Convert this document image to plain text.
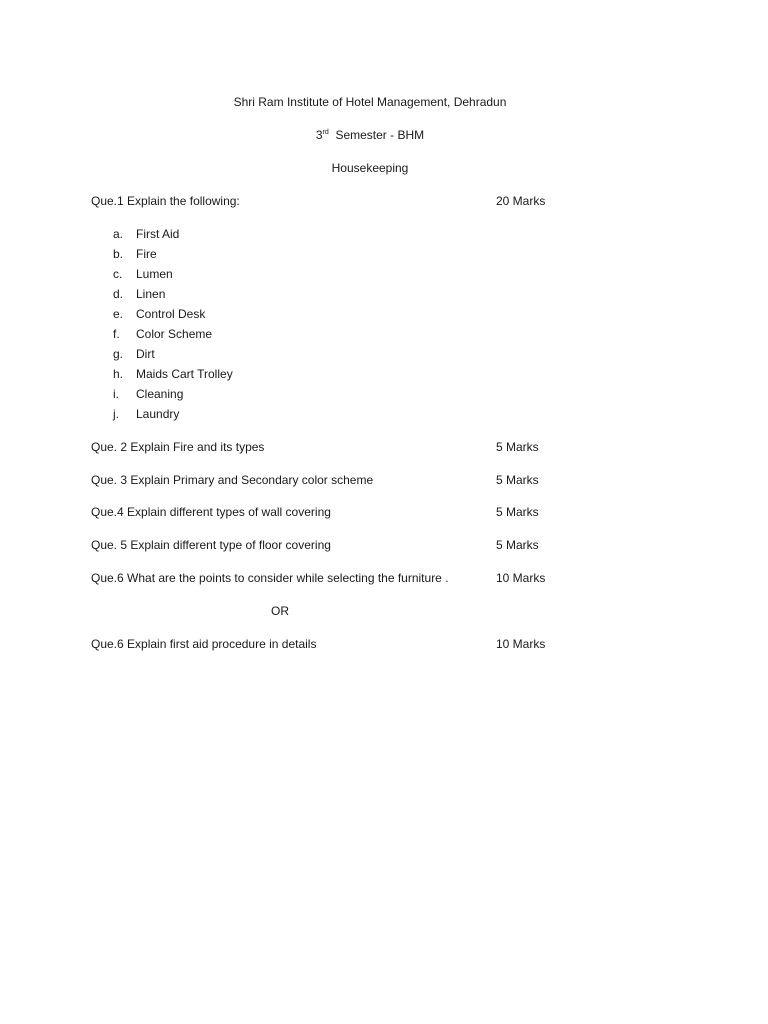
Shri Ram Institute of Hotel Management, Dehradun
3rd Semester - BHM
Housekeeping
Que.1 Explain the following:	20 Marks
a.	First Aid
b.	Fire
c.	Lumen
d.	Linen
e.	Control Desk
f.	Color Scheme
g.	Dirt
h.	Maids Cart Trolley
i.	Cleaning
j.	Laundry
Que. 2 Explain Fire and its types	5 Marks
Que. 3 Explain Primary and Secondary color scheme	5 Marks
Que.4 Explain different types of wall covering	5 Marks
Que. 5 Explain different type of floor covering	5 Marks
Que.6 What are the points to consider while selecting the furniture .	10 Marks
OR
Que.6 Explain first aid procedure in details	10 Marks
